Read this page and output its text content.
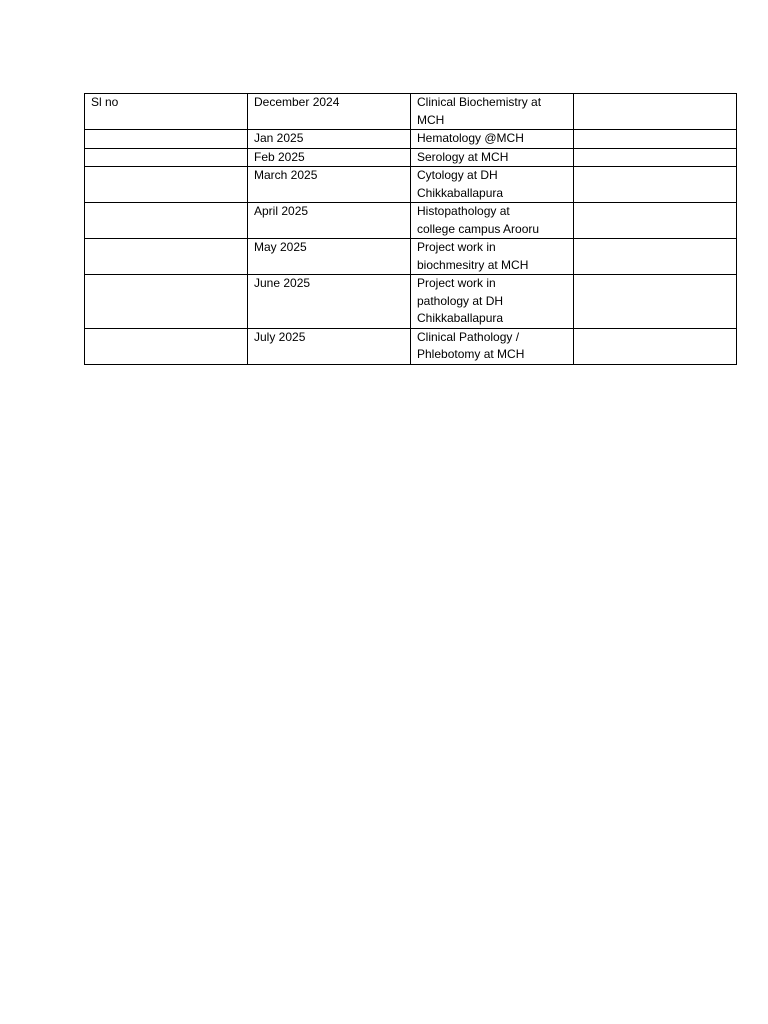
Sl no	December 2024	Clinical Biochemistry at
MCH	
	Jan 2025	Hematology @MCH	
	Feb 2025	Serology at MCH	
	March 2025	Cytology at DH
Chikkaballapura	
	April 2025	Histopathology at
college campus Arooru	
	May 2025	Project work in
biochmesitry at MCH	
	June 2025	Project work in
pathology at DH
Chikkaballapura	
	July 2025	Clinical Pathology /
Phlebotomy at MCH	
